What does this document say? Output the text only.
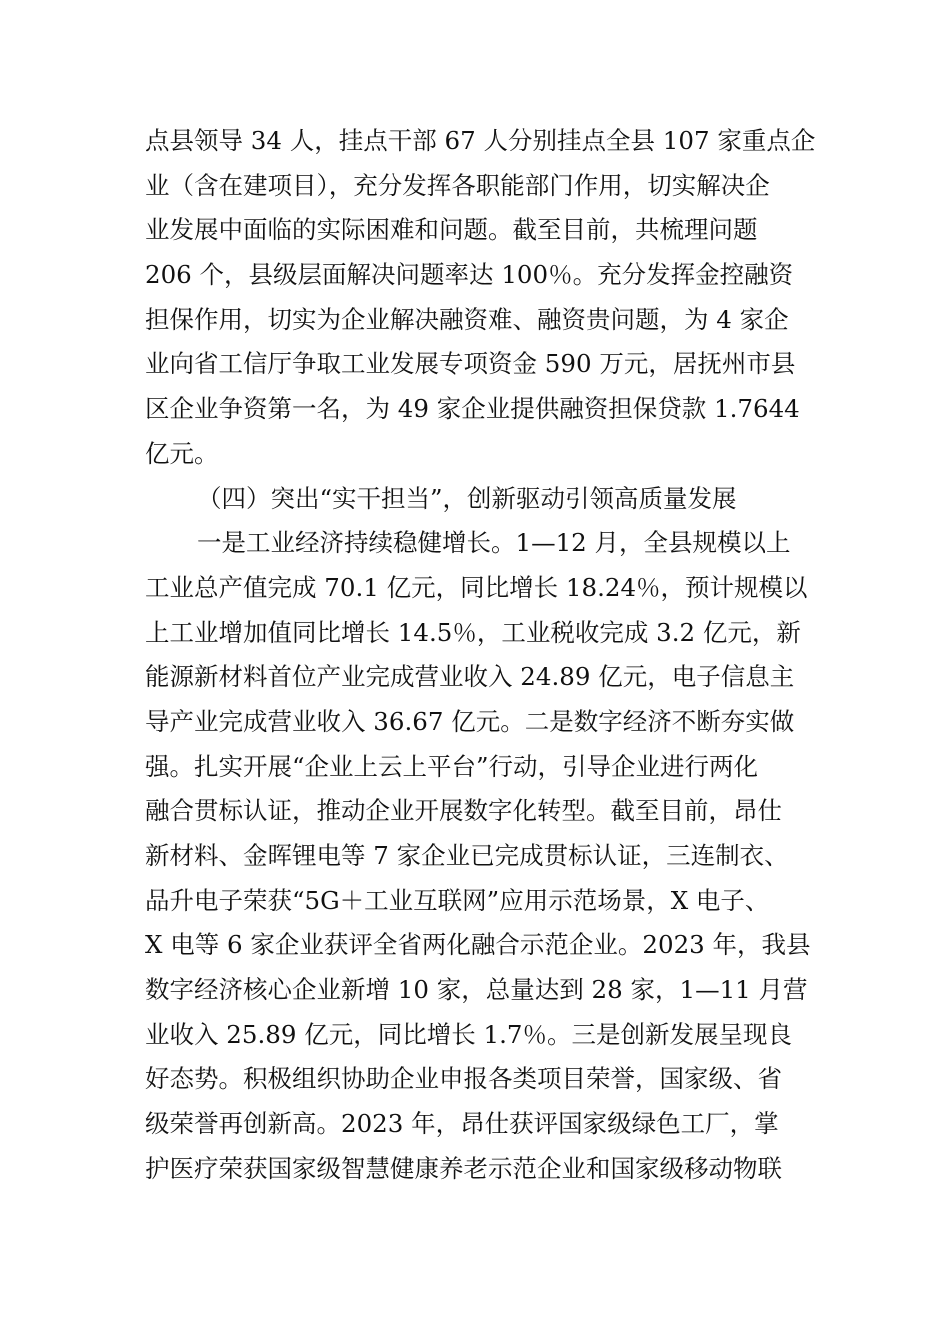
点县领导 34 人，挂点干部 67 人分别挂点全县 107 家重点企
业（含在建项目），充分发挥各职能部门作用，切实解决企
业发展中面临的实际困难和问题。截至目前，共梳理问题
206 个，县级层面解决问题率达 100％。充分发挥金控融资
担保作用，切实为企业解决融资难、融资贵问题，为 4 家企
业向省工信厅争取工业发展专项资金 590 万元，居抚州市县
区企业争资第一名，为 49 家企业提供融资担保贷款 1.7644
亿元。
（四）突出“实干担当”，创新驱动引领高质量发展
一是工业经济持续稳健增长。1—12 月，全县规模以上
工业总产值完成 70.1 亿元，同比增长 18.24％，预计规模以
上工业增加值同比增长 14.5％，工业税收完成 3.2 亿元，新
能源新材料首位产业完成营业收入 24.89 亿元，电子信息主
导产业完成营业收入 36.67 亿元。二是数字经济不断夯实做
强。扎实开展“企业上云上平台”行动，引导企业进行两化
融合贯标认证，推动企业开展数字化转型。截至目前，昂仕
新材料、金晖锂电等 7 家企业已完成贯标认证，三连制衣、
品升电子荣获“5G＋工业互联网”应用示范场景，X 电子、
X 电等 6 家企业获评全省两化融合示范企业。2023 年，我县
数字经济核心企业新增 10 家，总量达到 28 家，1—11 月营
业收入 25.89 亿元，同比增长 1.7％。三是创新发展呈现良
好态势。积极组织协助企业申报各类项目荣誉，国家级、省
级荣誉再创新高。2023 年，昂仕获评国家级绿色工厂，掌
护医疗荣获国家级智慧健康养老示范企业和国家级移动物联
